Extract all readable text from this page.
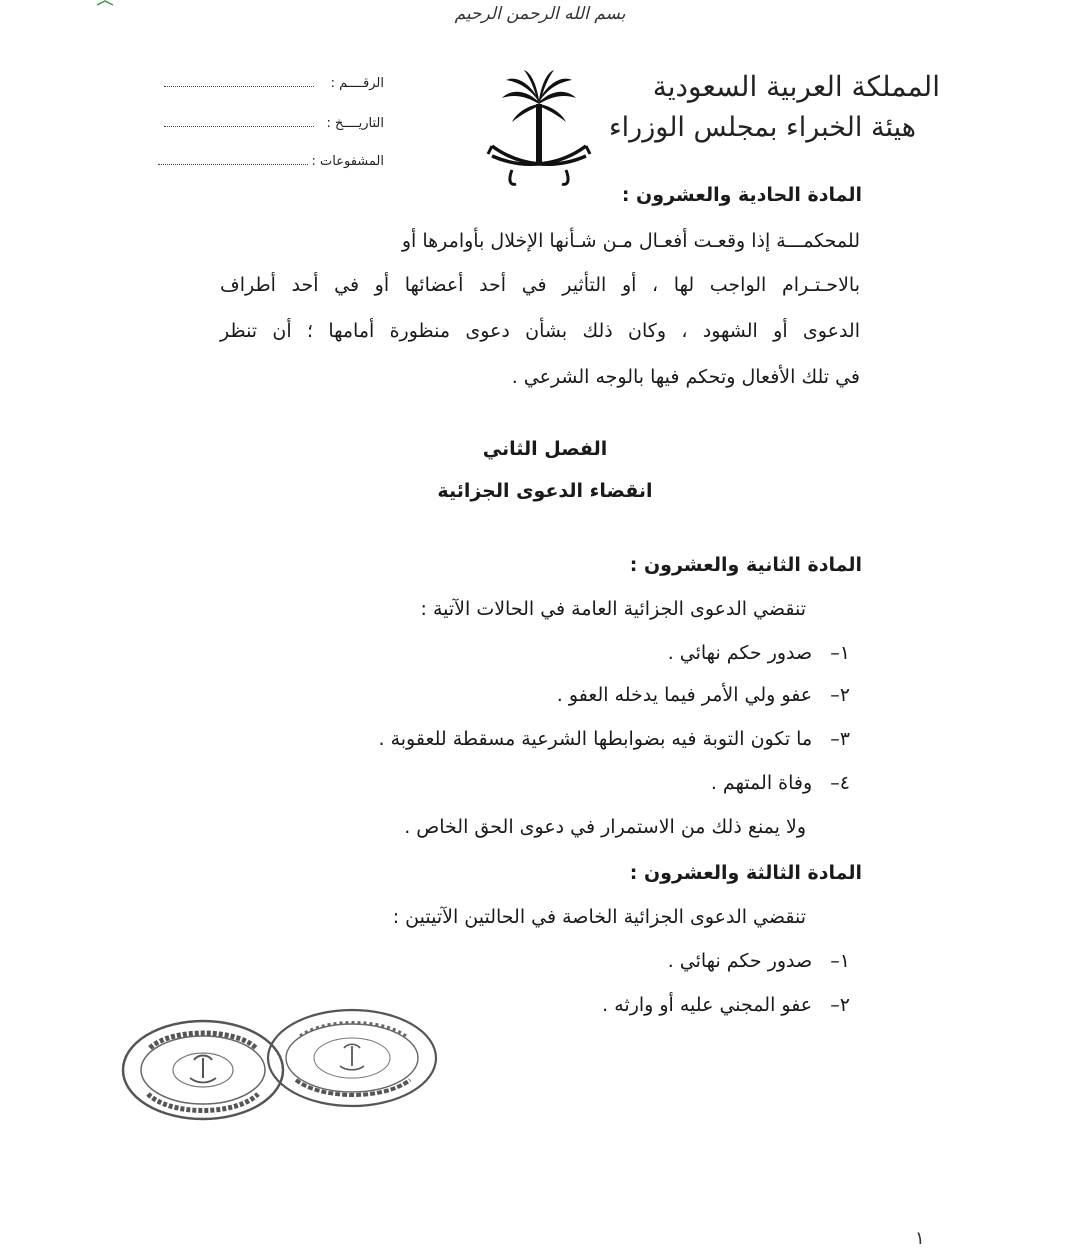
بسم الله الرحمن الرحيم
المملكة العربية السعودية
هيئة الخبراء بمجلس الوزراء
الرقــــم :
التاريــــخ :
المشفوعات :
المادة الحادية والعشرون :
للمحكمـــة إذا وقعـت أفعـال مـن شـأنها الإخلال بأوامرها أو
بالاحـتـرام الواجب لها ، أو التأثير في أحد أعضائها أو في أحد أطراف
الدعوى أو الشهود ، وكان ذلك بشأن دعوى منظورة أمامها ؛ أن تنظر
في تلك الأفعال وتحكم فيها بالوجه الشرعي .
الفصل الثاني
انقضاء الدعوى الجزائية
المادة الثانية والعشرون :
تنقضي الدعوى الجزائية العامة في الحالات الآتية :
١–   صدور حكم نهائي .
٢–   عفو ولي الأمر فيما يدخله العفو .
٣–   ما تكون التوبة فيه بضوابطها الشرعية مسقطة للعقوبة .
٤–   وفاة المتهم .
ولا يمنع ذلك من الاستمرار في دعوى الحق الخاص .
المادة الثالثة والعشرون :
تنقضي الدعوى الجزائية الخاصة في الحالتين الآتيتين :
١–   صدور حكم نهائي .
٢–   عفو المجني عليه أو وارثه .
١
